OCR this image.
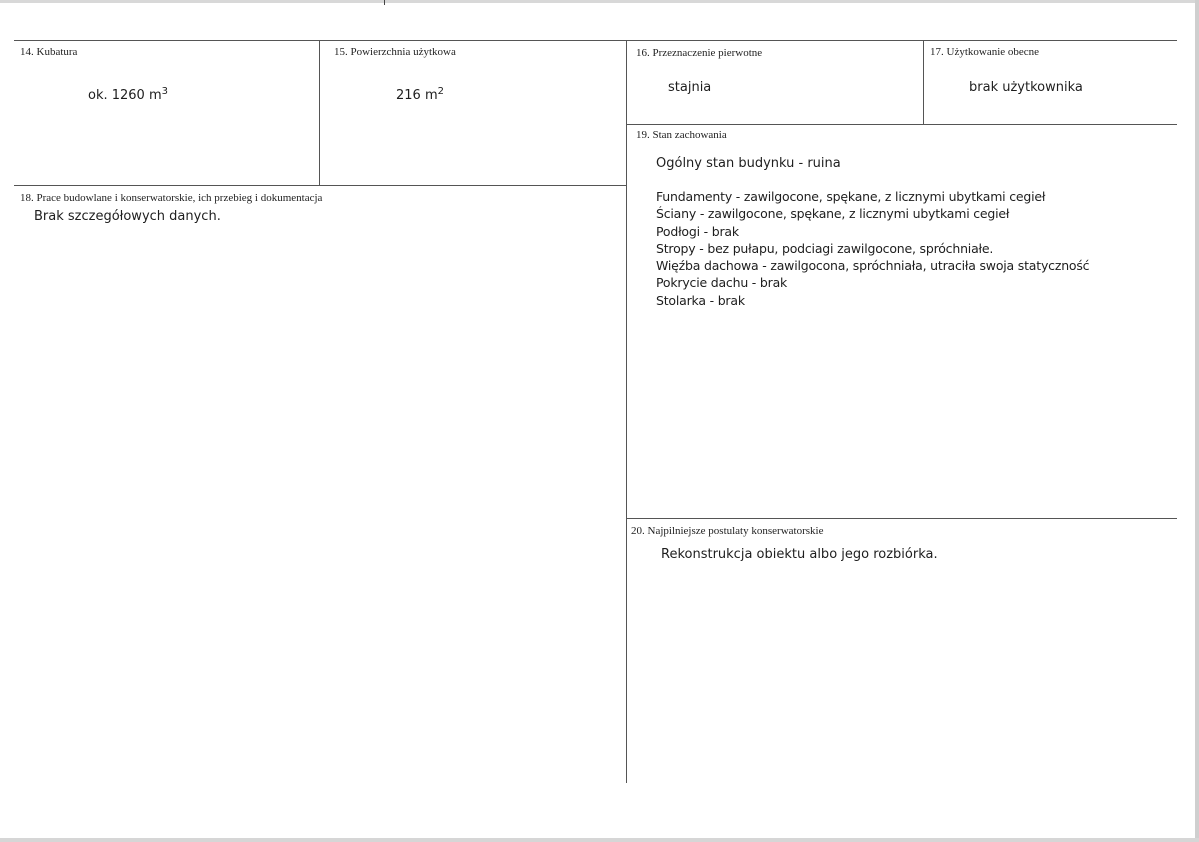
14. Kubatura
ok. 1260 $m^3$
15. Powierzchnia użytkowa
216 $m^2$
16. Przeznaczenie pierwotne
stajnia
17. Użytkowanie obecne
brak użytkownika
18. Prace budowlane i konserwatorskie, ich przebieg i dokumentacja
Brak szczegółowych danych.
19. Stan zachowania
Ogólny stan budynku - ruina
Fundamenty - zawilgocone, spękane, z licznymi ubytkami cegieł
Ściany - zawilgocone, spękane, z licznymi ubytkami cegieł
Podłogi - brak
Stropy - bez pułapu, podciagi zawilgocone, spróchniałe.
Więźba dachowa - zawilgocona, spróchniała, utraciła swoja statyczność
Pokrycie dachu - brak
Stolarka - brak
20. Najpilniejsze postulaty konserwatorskie
Rekonstrukcja obiektu albo jego rozbiórka.
